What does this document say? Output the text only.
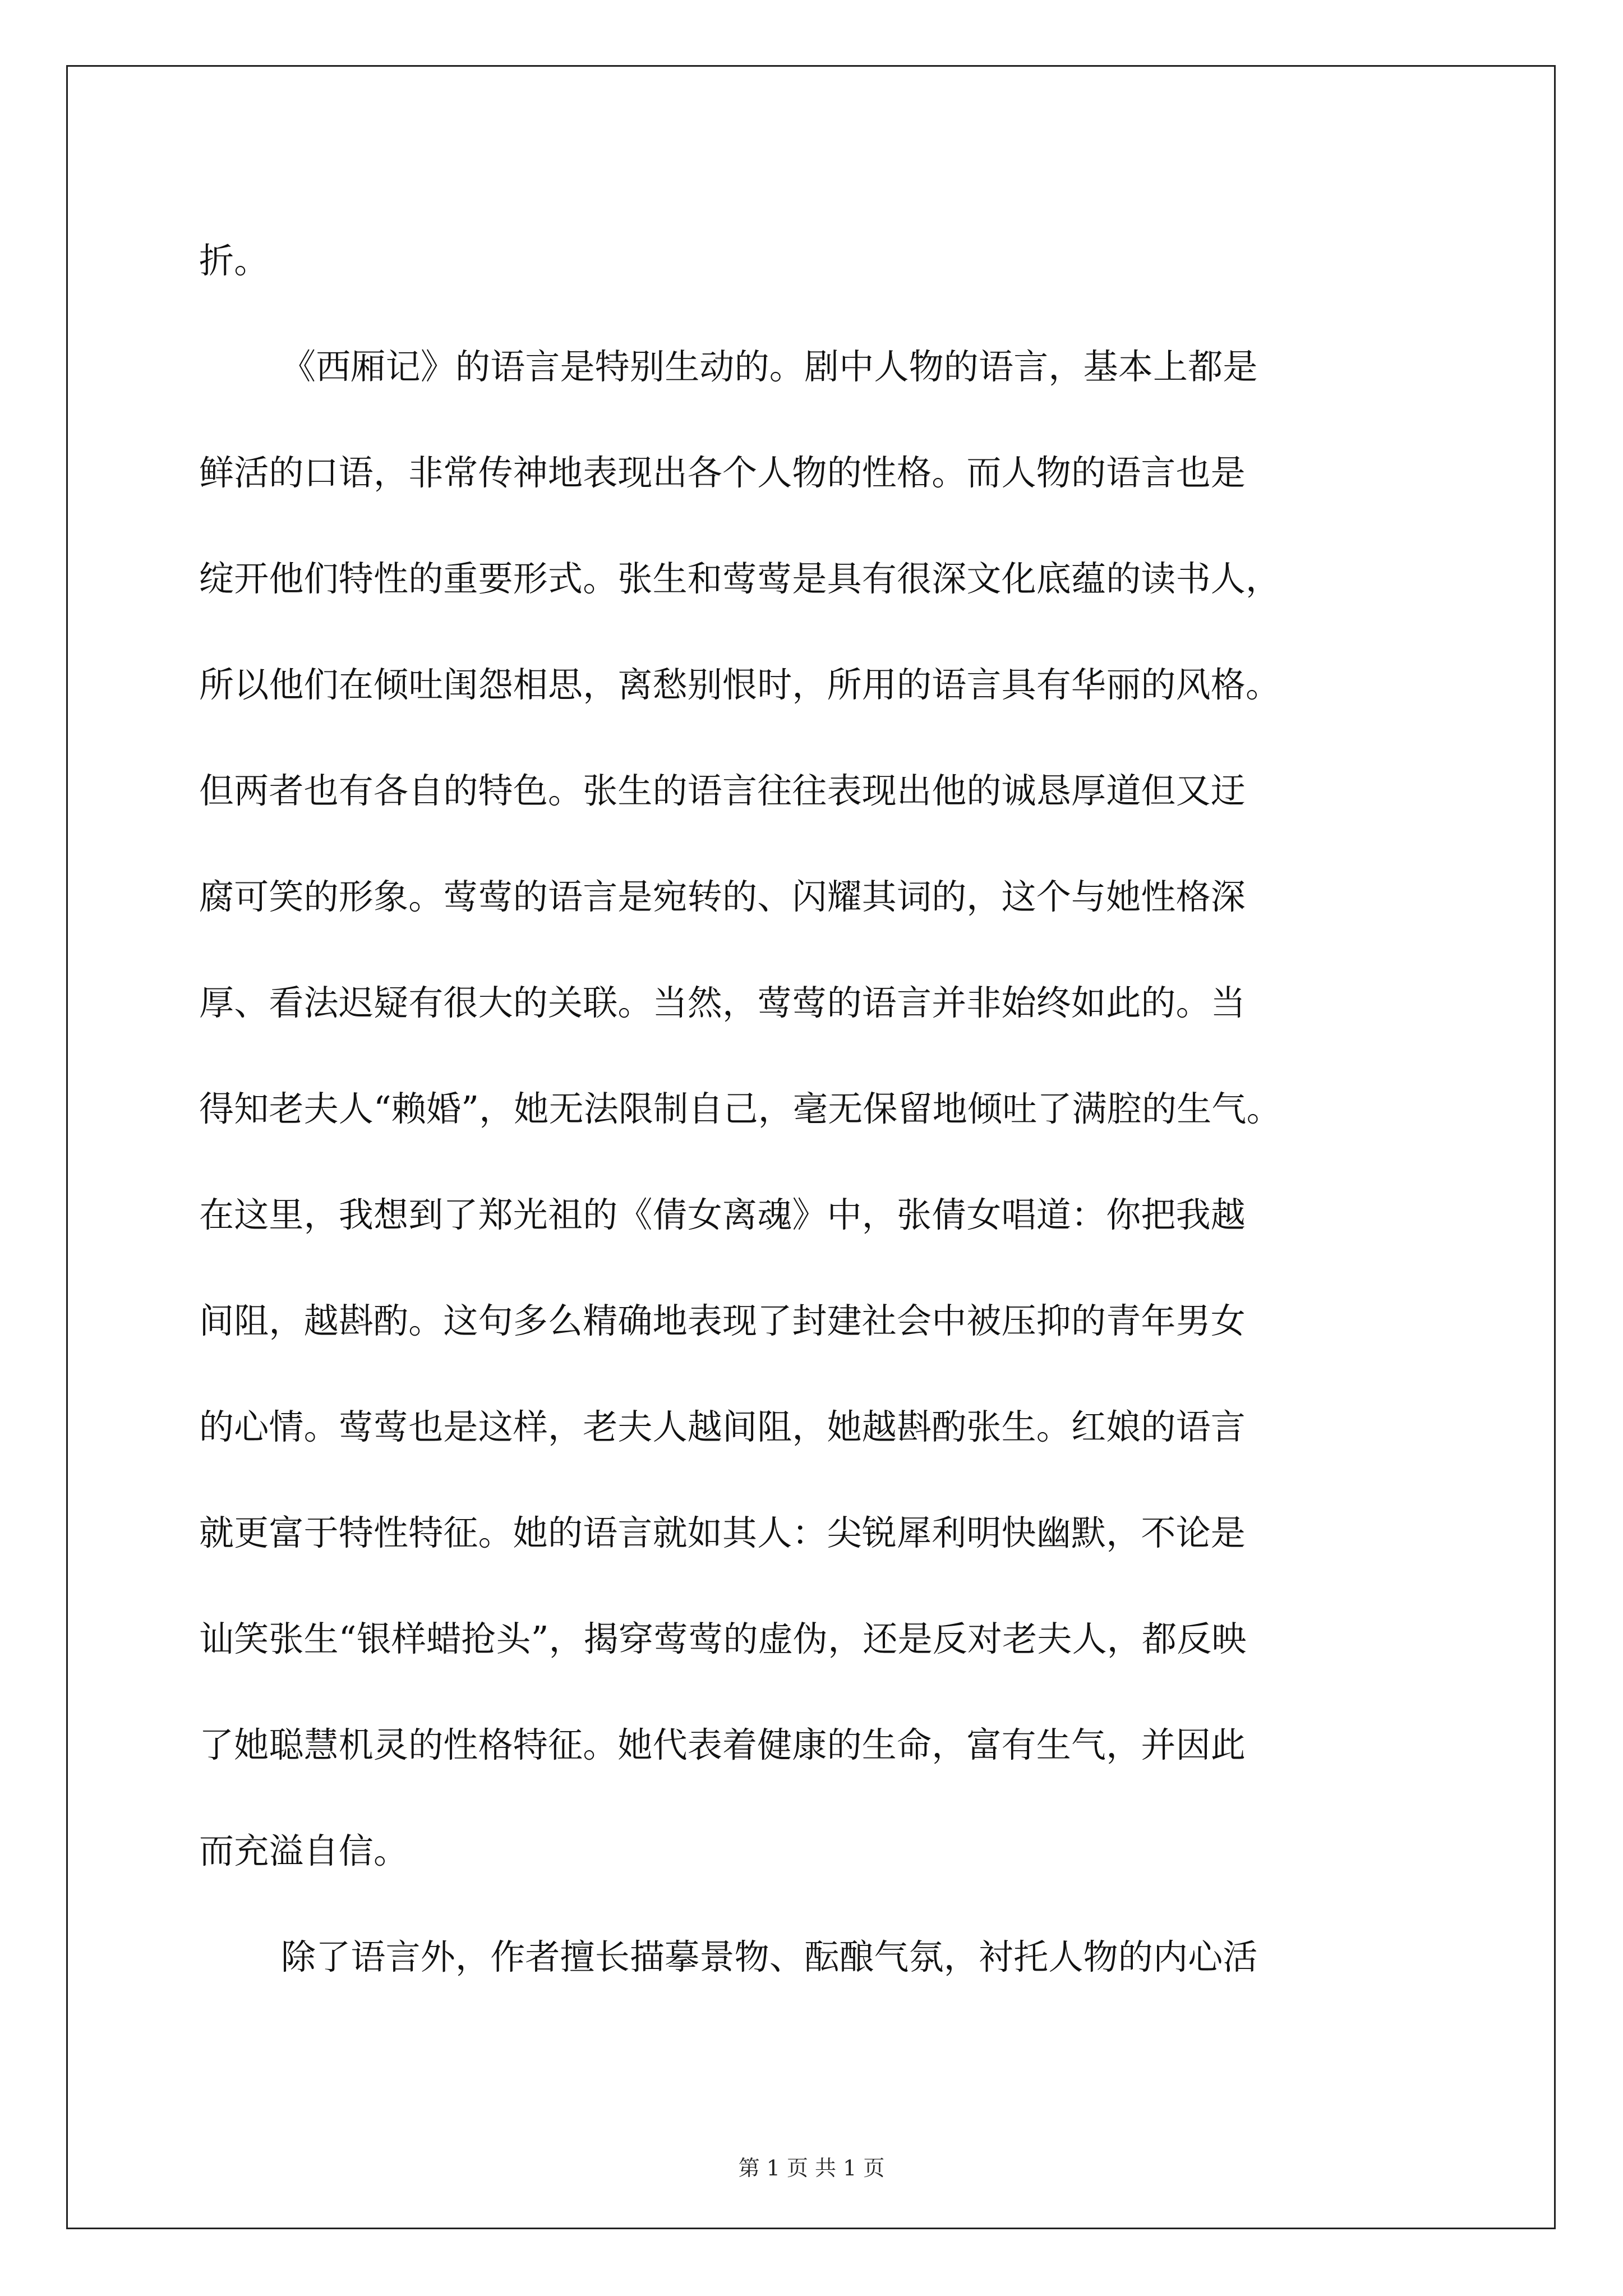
折。
《西厢记》的语言是特别生动的。剧中人物的语言，基本上都是
鲜活的口语，非常传神地表现出各个人物的性格。而人物的语言也是
绽开他们特性的重要形式。张生和莺莺是具有很深文化底蕴的读书人，
所以他们在倾吐闺怨相思，离愁别恨时，所用的语言具有华丽的风格。
但两者也有各自的特色。张生的语言往往表现出他的诚恳厚道但又迂
腐可笑的形象。莺莺的语言是宛转的、闪耀其词的，这个与她性格深
厚、看法迟疑有很大的关联。当然，莺莺的语言并非始终如此的。当
得知老夫人“赖婚”，她无法限制自己，毫无保留地倾吐了满腔的生气。
在这里，我想到了郑光祖的《倩女离魂》中，张倩女唱道：你把我越
间阻，越斟酌。这句多么精确地表现了封建社会中被压抑的青年男女
的心情。莺莺也是这样，老夫人越间阻，她越斟酌张生。红娘的语言
就更富于特性特征。她的语言就如其人：尖锐犀利明快幽默，不论是
讪笑张生“银样蜡抢头”，揭穿莺莺的虚伪，还是反对老夫人，都反映
了她聪慧机灵的性格特征。她代表着健康的生命，富有生气，并因此
而充溢自信。
除了语言外，作者擅长描摹景物、酝酿气氛，衬托人物的内心活
第 1 页 共 1 页
